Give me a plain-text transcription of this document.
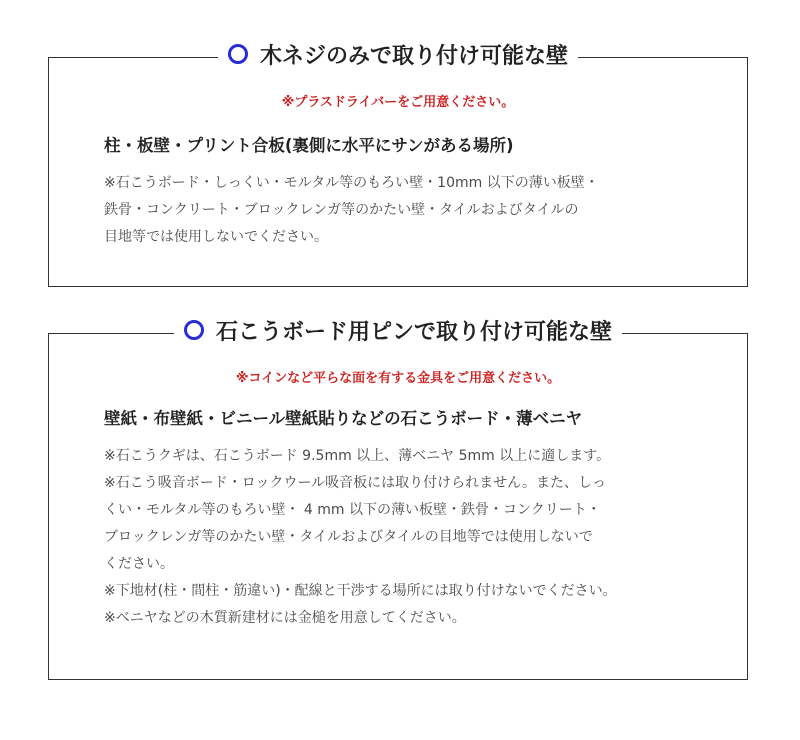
木ネジのみで取り付け可能な壁
※プラスドライバーをご用意ください。
柱・板壁・プリント合板(裏側に水平にサンがある場所)
※石こうボード・しっくい・モルタル等のもろい壁・10mm 以下の薄い板壁・
鉄骨・コンクリート・ブロックレンガ等のかたい壁・タイルおよびタイルの
目地等では使用しないでください。
石こうボード用ピンで取り付け可能な壁
※コインなど平らな面を有する金具をご用意ください。
壁紙・布壁紙・ビニール壁紙貼りなどの石こうボード・薄ベニヤ
※石こうクギは、石こうボード 9.5mm 以上、薄ベニヤ 5mm 以上に適します。
※石こう吸音ボード・ロックウール吸音板には取り付けられません。また、しっ
くい・モルタル等のもろい壁・ 4 mm 以下の薄い板壁・鉄骨・コンクリート・
ブロックレンガ等のかたい壁・タイルおよびタイルの目地等では使用しないで
ください。
※下地材(柱・間柱・筋違い)・配線と干渉する場所には取り付けないでください。
※ベニヤなどの木質新建材には金槌を用意してください。
